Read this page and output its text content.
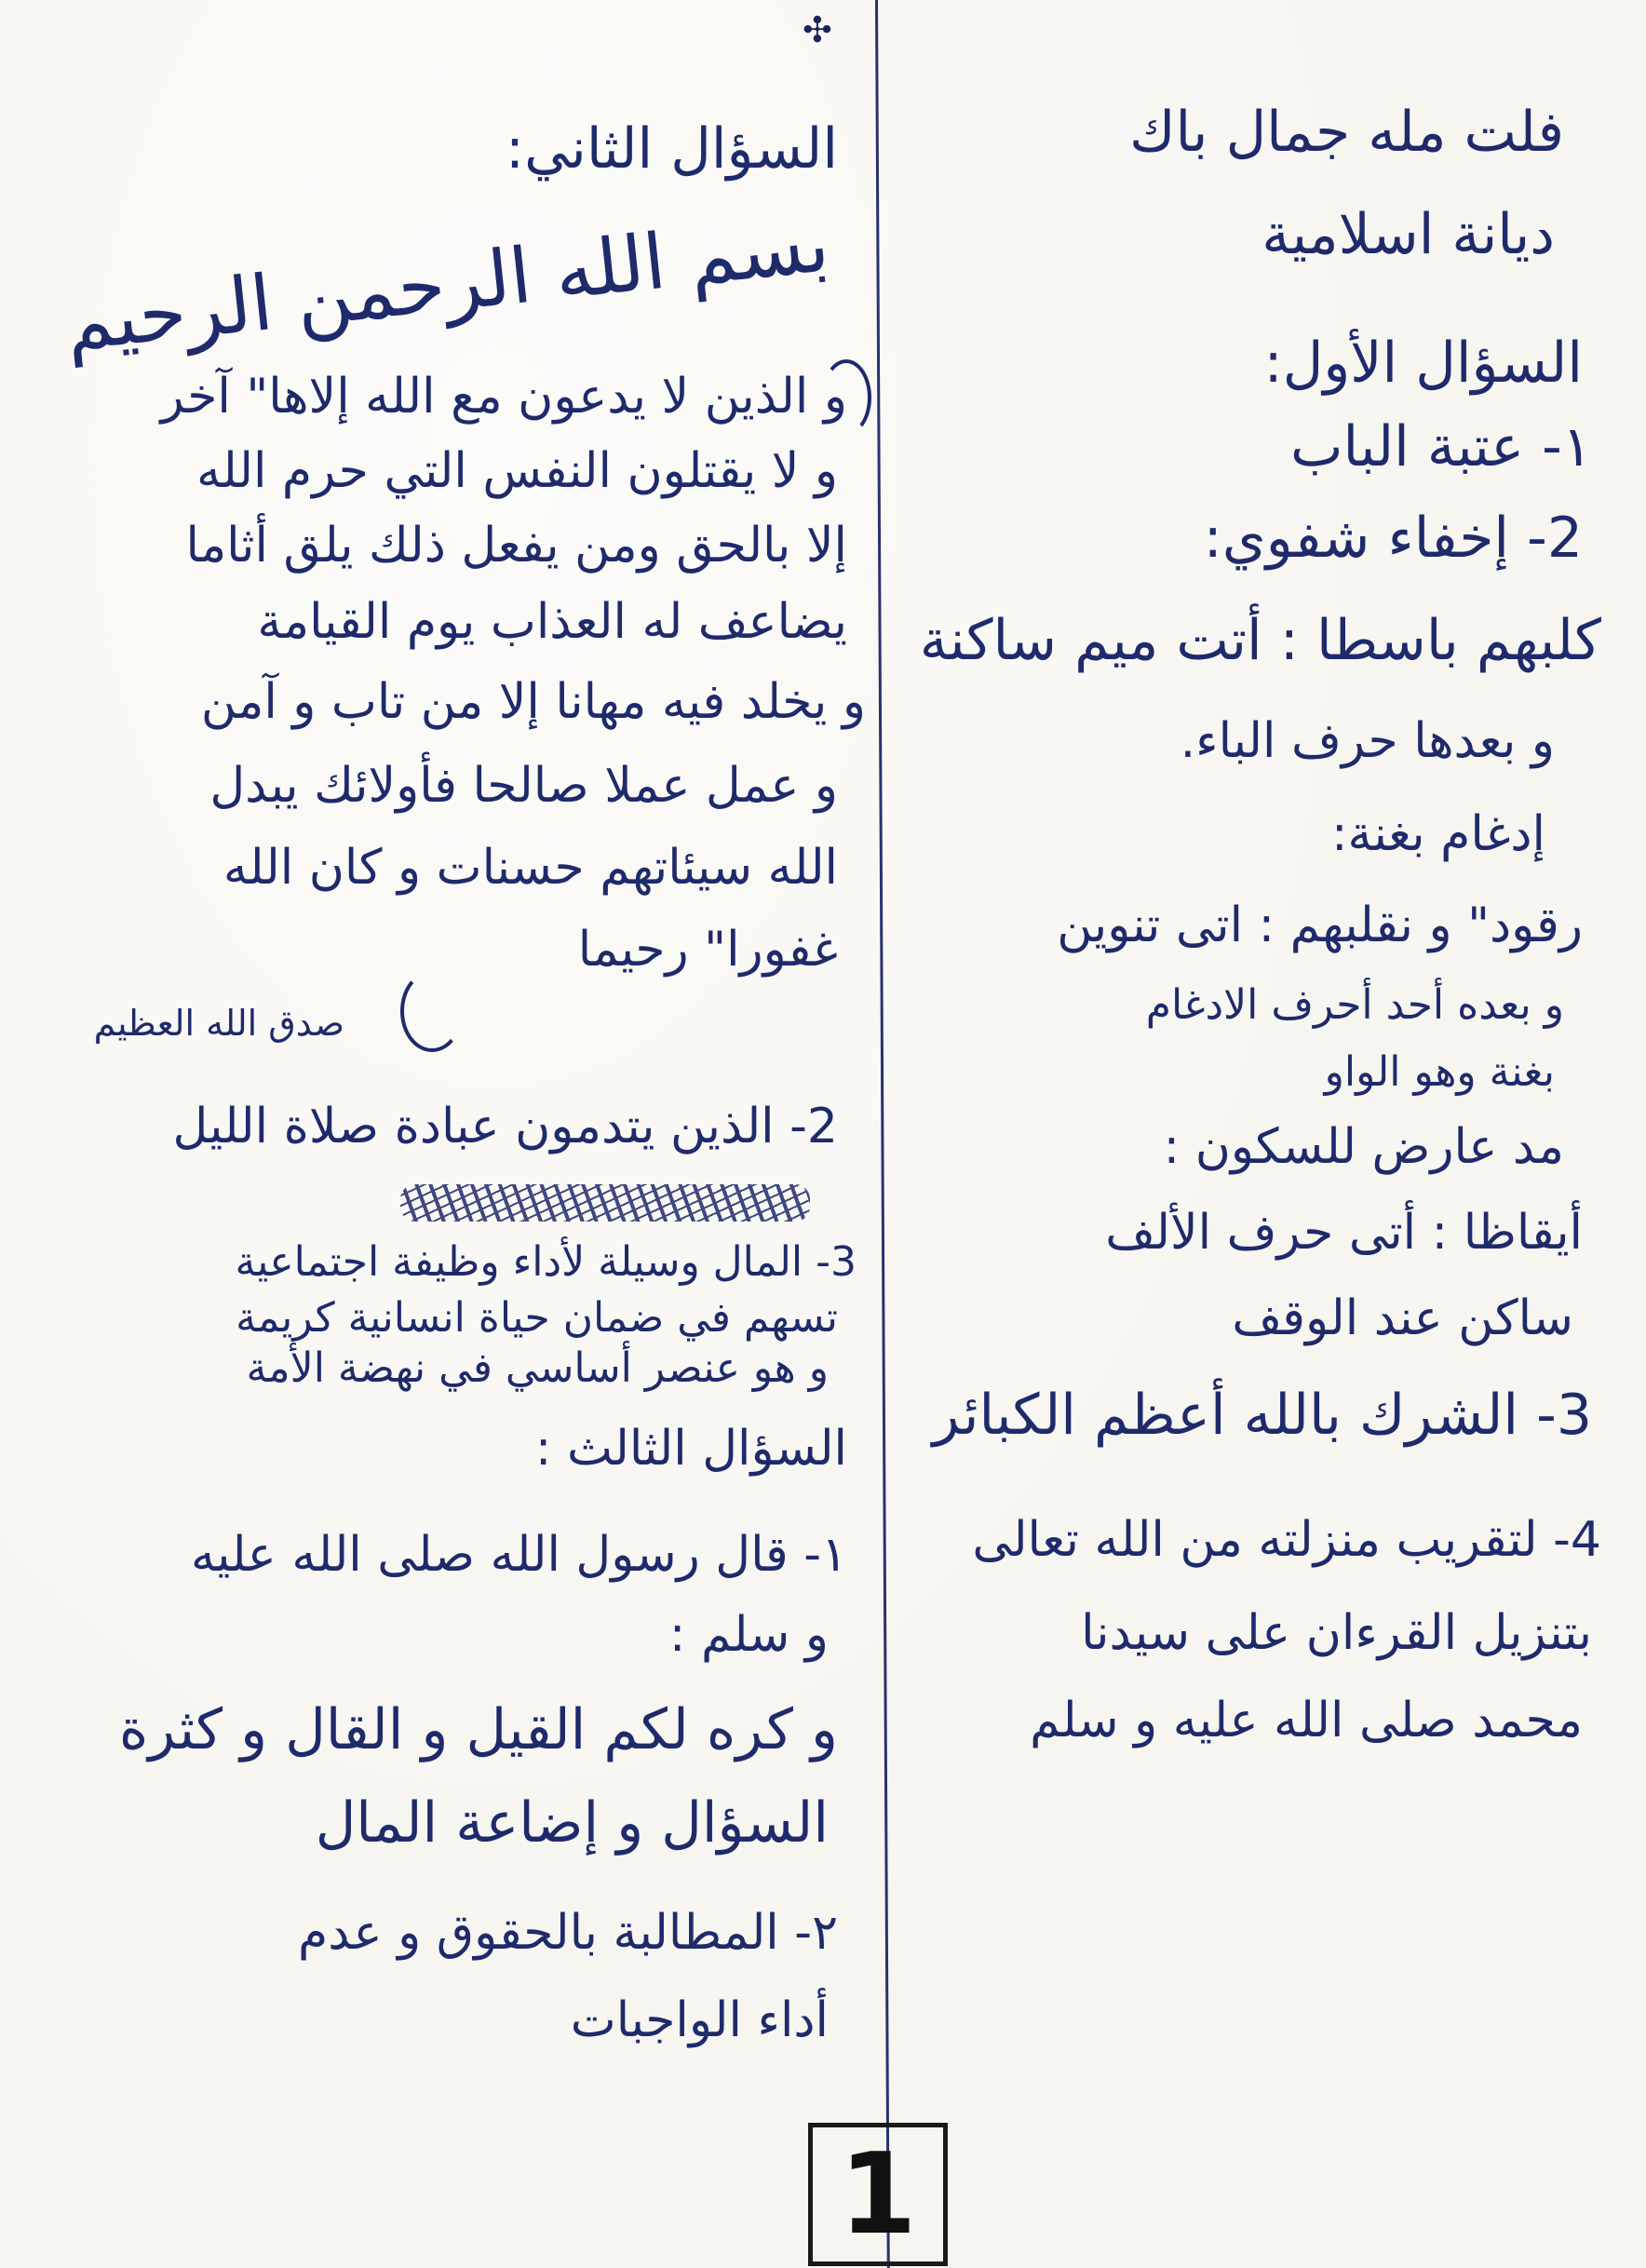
✣
فلت مله جمال باك
ديانة اسلامية
السؤال الأول:
١- عتبة الباب
2- إخفاء شفوي:
كلبهم باسطا : أتت ميم ساكنة
و بعدها حرف الباء.
إدغام بغنة:
رقود" و نقلبهم : اتى تنوين
و بعده أحد أحرف الادغام
بغنة وهو الواو
مد عارض للسكون :
أيقاظا : أتى حرف الألف
ساكن عند الوقف
3- الشرك بالله أعظم الكبائر
4- لتقريب منزلته من الله تعالى
بتنزيل القرءان على سيدنا
محمد صلى الله عليه و سلم
السؤال الثاني:
بسم الله الرحمن الرحيم
و الذين لا يدعون مع الله إلاها" آخر
و لا يقتلون النفس التي حرم الله
إلا بالحق ومن يفعل ذلك يلق أثاما
يضاعف له العذاب يوم القيامة
و يخلد فيه مهانا إلا من تاب و آمن
و عمل عملا صالحا فأولائك يبدل
الله سيئاتهم حسنات و كان الله
غفورا" رحيما
صدق الله العظيم
2- الذين يتدمون عبادة صلاة الليل
3- المال وسيلة لأداء وظيفة اجتماعية
تسهم في ضمان حياة انسانية كريمة
و هو عنصر أساسي في نهضة الأمة
السؤال الثالث :
١- قال رسول الله صلى الله عليه
و سلم :
و كره لكم القيل و القال و كثرة
السؤال و إضاعة المال
٢- المطالبة بالحقوق و عدم
أداء الواجبات
1
